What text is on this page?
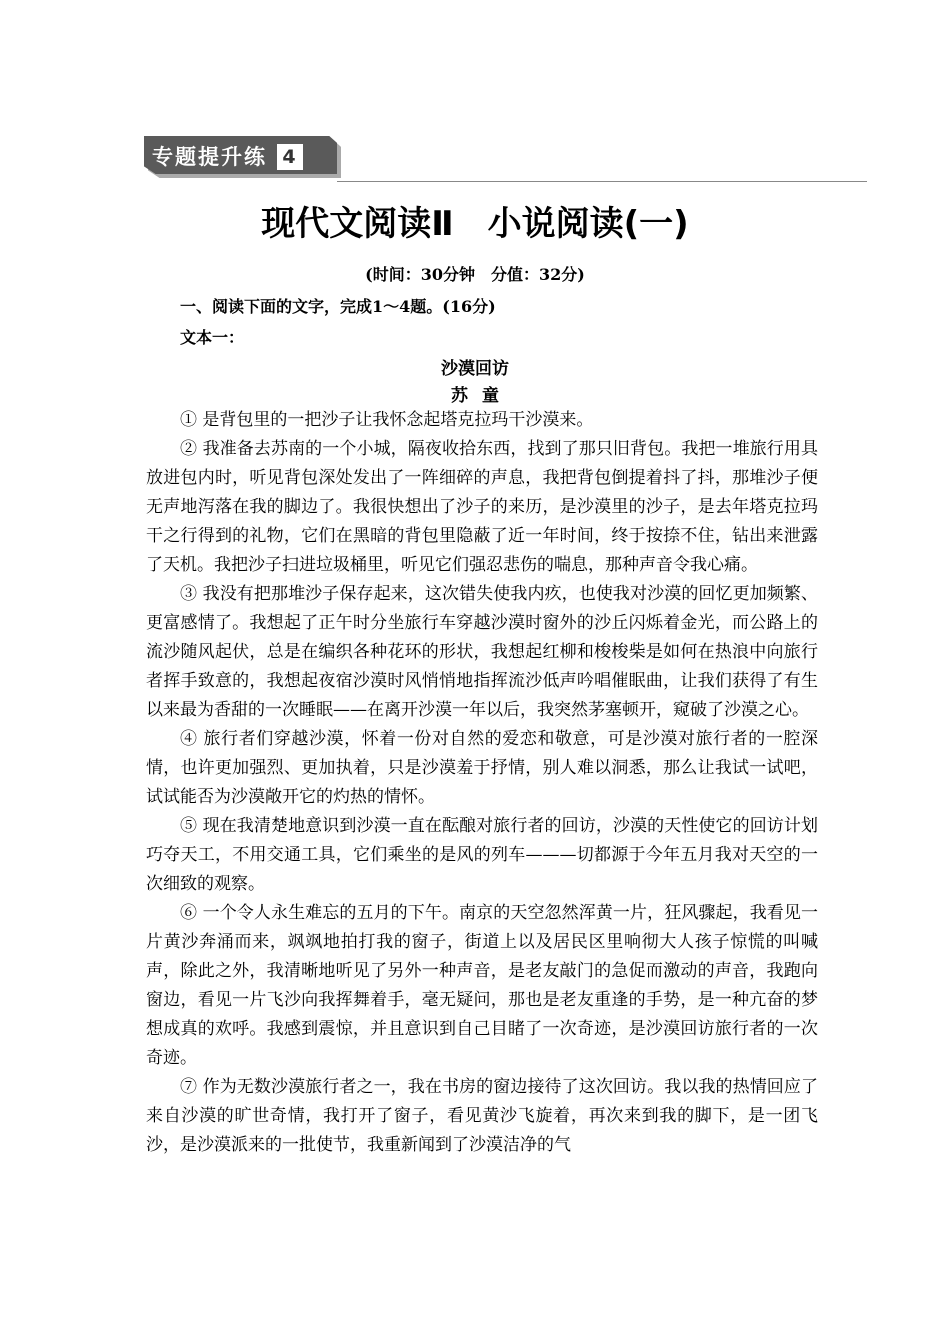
专题提升练 4
现代文阅读Ⅱ　小说阅读(一)
(时间：30分钟　分值：32分)
一、阅读下面的文字，完成1～4题。(16分)
文本一：
沙漠回访
苏童

① 是背包里的一把沙子让我怀念起塔克拉玛干沙漠来。

② 我准备去苏南的一个小城，隔夜收拾东西，找到了那只旧背包。我把一堆旅行用具放进包内时，听见背包深处发出了一阵细碎的声息，我把背包倒提着抖了抖，那堆沙子便无声地泻落在我的脚边了。我很快想出了沙子的来历，是沙漠里的沙子，是去年塔克拉玛干之行得到的礼物，它们在黑暗的背包里隐蔽了近一年时间，终于按捺不住，钻出来泄露了天机。我把沙子扫进垃圾桶里，听见它们强忍悲伤的喘息，那种声音令我心痛。

③ 我没有把那堆沙子保存起来，这次错失使我内疚，也使我对沙漠的回忆更加频繁、更富感情了。我想起了正午时分坐旅行车穿越沙漠时窗外的沙丘闪烁着金光，而公路上的流沙随风起伏，总是在编织各种花环的形状，我想起红柳和梭梭柴是如何在热浪中向旅行者挥手致意的，我想起夜宿沙漠时风悄悄地指挥流沙低声吟唱催眠曲，让我们获得了有生以来最为香甜的一次睡眠——在离开沙漠一年以后，我突然茅塞顿开，窥破了沙漠之心。

④ 旅行者们穿越沙漠，怀着一份对自然的爱恋和敬意，可是沙漠对旅行者的一腔深情，也许更加强烈、更加执着，只是沙漠羞于抒情，别人难以洞悉，那么让我试一试吧，试试能否为沙漠敞开它的灼热的情怀。

⑤ 现在我清楚地意识到沙漠一直在酝酿对旅行者的回访，沙漠的天性使它的回访计划巧夺天工，不用交通工具，它们乘坐的是风的列车———切都源于今年五月我对天空的一次细致的观察。

⑥ 一个令人永生难忘的五月的下午。南京的天空忽然浑黄一片，狂风骤起，我看见一片黄沙奔涌而来，飒飒地拍打我的窗子，街道上以及居民区里响彻大人孩子惊慌的叫喊声，除此之外，我清晰地听见了另外一种声音，是老友敲门的急促而激动的声音，我跑向窗边，看见一片飞沙向我挥舞着手，毫无疑问，那也是老友重逢的手势，是一种亢奋的梦想成真的欢呼。我感到震惊，并且意识到自己目睹了一次奇迹，是沙漠回访旅行者的一次奇迹。

⑦ 作为无数沙漠旅行者之一，我在书房的窗边接待了这次回访。我以我的热情回应了来自沙漠的旷世奇情，我打开了窗子，看见黄沙飞旋着，再次来到我的脚下，是一团飞沙，是沙漠派来的一批使节，我重新闻到了沙漠洁净的气
